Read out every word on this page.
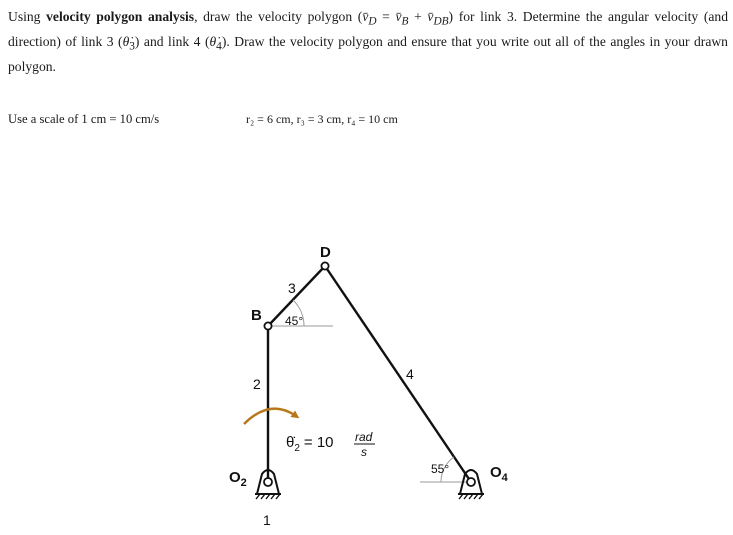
Using velocity polygon analysis, draw the velocity polygon ($v̄_D$ = $v̄_B$ + $v̄_{DB}$) for link 3. Determine the angular velocity (and direction) of link 3 $(\thetȧ_3)$ and link 4 $(\thetȧ_4)$. Draw the velocity polygon and ensure that you write out all of the angles in your drawn polygon.

Use a scale of 1 cm = 10 cm/s	r₂ = 6 cm, r₃ = 3 cm, r₄ = 10 cm
D
B
3
2
4
1
45°
55°
$O_2$
$O_4$
$\thetȧ_2 = 10$ rad
s
